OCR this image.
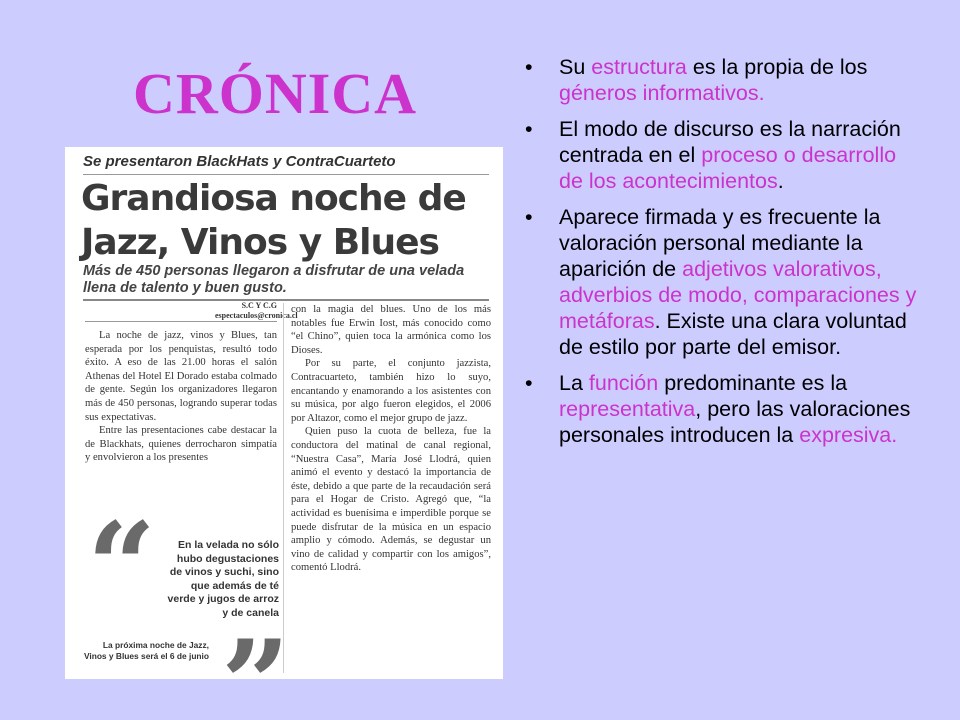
CRÓNICA
Se presentaron BlackHats y ContraCuarteto
Grandiosa noche de Jazz, Vinos y Blues
Más de 450 personas llegaron a disfrutar de una velada llena de talento y buen gusto.
S.C Y C.G
espectaculos@cronica.cl

La noche de jazz, vinos y Blues, tan esperada por los penquistas, resultó todo éxito. A eso de las 21.00 horas el salón Athenas del Hotel El Dorado estaba colmado de gente. Según los organizadores llegaron más de 450 personas, logrando superar todas sus expectativas.

Entre las presentaciones cabe destacar la de Blackhats, quienes derrocharon simpatía y envolvieron a los presentes

con la magia del blues. Uno de los más notables fue Erwin Iost, más conocido como “el Chino”, quien toca la armónica como los Dioses.

Por su parte, el conjunto jazzista, Contracuarteto, también hizo lo suyo, encantando y enamorando a los asistentes con su música, por algo fueron elegidos, el 2006 por Altazor, como el mejor grupo de jazz.

Quien puso la cuota de belleza, fue la conductora del matinal de canal regional, “Nuestra Casa”, María José Llodrá, quien animó el evento y destacó la importancia de éste, debido a que parte de la recaudación será para el Hogar de Cristo. Agregó que, “la actividad es buenísima e imperdible porque se puede disfrutar de la música en un espacio amplio y cómodo. Además, se degustar un vino de calidad y compartir con los amigos”, comentó Llodrá.

“	En la velada no sólo hubo degustaciones de vinos y suchi, sino que además de té verde y jugos de arroz y de canela
La próxima noche de Jazz, Vinos y Blues será el 6 de junio
• Su estructura es la propia de los géneros informativos.
• El modo de discurso es la narración centrada en el proceso o desarrollo de los acontecimientos.
• Aparece firmada y es frecuente la valoración personal mediante la aparición de adjetivos valorativos, adverbios de modo, comparaciones y metáforas. Existe una clara voluntad de estilo por parte del emisor.
• La función predominante es la representativa, pero las valoraciones personales introducen la expresiva.
